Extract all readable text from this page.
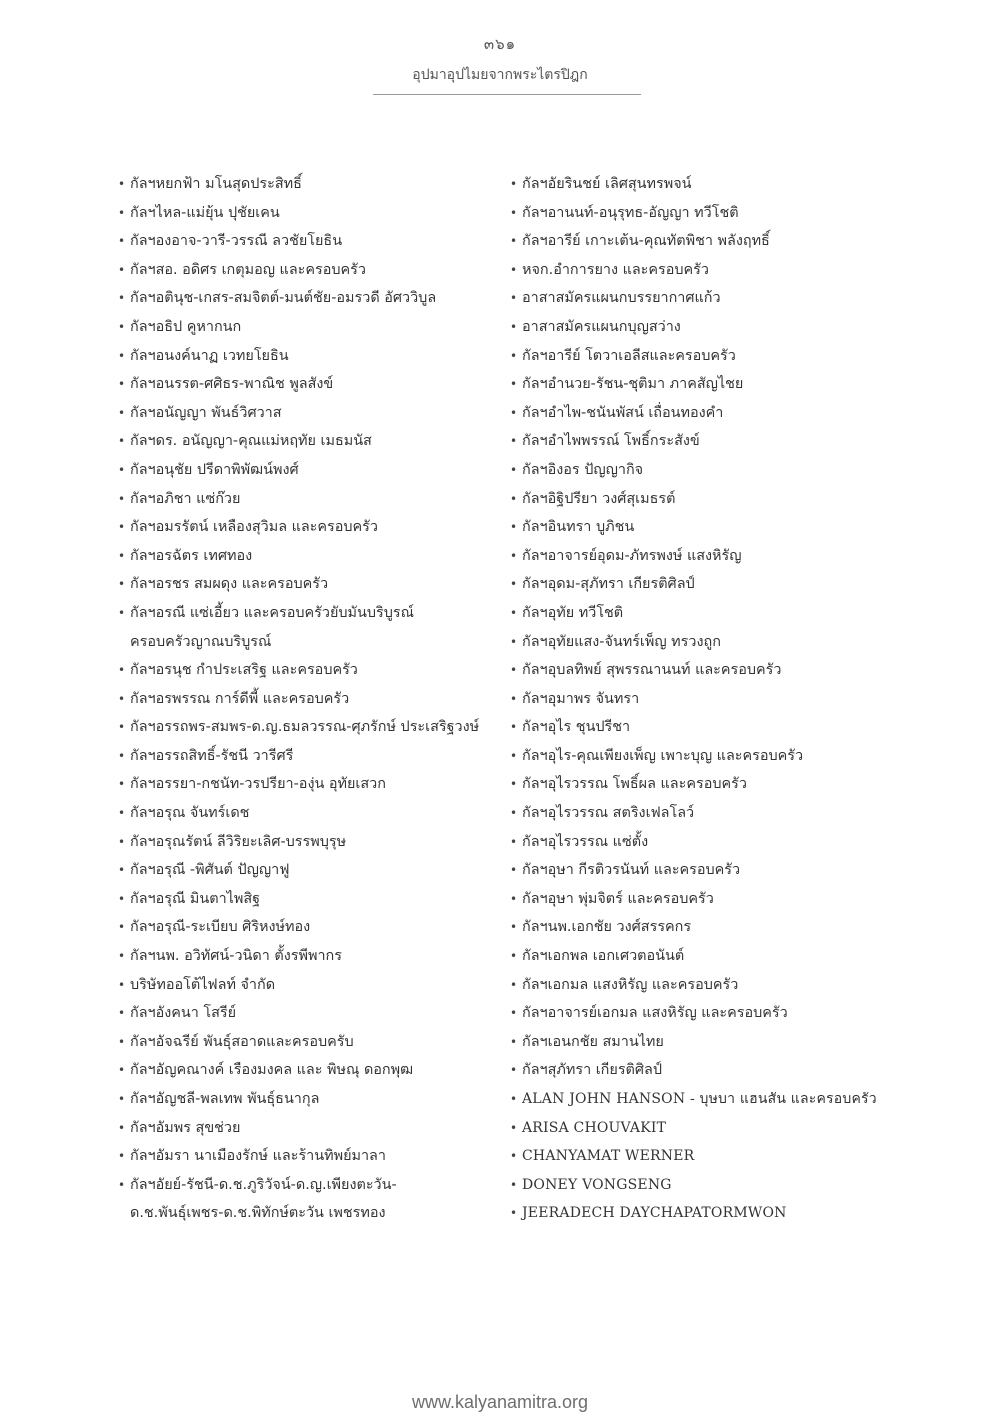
๓๖๑
อุปมาอุปไมยจากพระไตรปิฎก
• กัลฯหยกฟ้า มโนสุดประสิทธิ์
• กัลฯไหล-แม่ยุ้น ปุชัยเคน
• กัลฯองอาจ-วารี-วรรณี ลวชัยโยธิน
• กัลฯสอ. อดิศร เกตุมอญ และครอบครัว
• กัลฯอตินุช-เกสร-สมจิตต์-มนต์ชัย-อมรวดี อัศววิบูล
• กัลฯอธิป คูหากนก
• กัลฯอนงค์นาฏ เวทยโยธิน
• กัลฯอนรรต-ศศิธร-พาณิช พูลสังข์
• กัลฯอนัญญา พันธ์วิศวาส
• กัลฯดร. อนัญญา-คุณแม่หฤทัย เมธมนัส
• กัลฯอนุชัย ปรีดาพิพัฒน์พงศ์
• กัลฯอภิชา แซ่ก๊วย
• กัลฯอมรรัตน์ เหลืองสุวิมล และครอบครัว
• กัลฯอรฉัตร เทศทอง
• กัลฯอรชร สมผดุง และครอบครัว
• กัลฯอรณี แซ่เอี้ยว และครอบครัวยับมันบริบูรณ์
ครอบครัวญาณบริบูรณ์
• กัลฯอรนุช กำประเสริฐ และครอบครัว
• กัลฯอรพรรณ การ์ดีพี้ และครอบครัว
• กัลฯอรรถพร-สมพร-ด.ญ.ธมลวรรณ-ศุภรักษ์ ประเสริฐวงษ์
• กัลฯอรรถสิทธิ์-รัชนี วารีศรี
• กัลฯอรรยา-กชนัท-วรปรียา-องุ่น อุทัยเสวก
• กัลฯอรุณ จันทร์เดช
• กัลฯอรุณรัตน์ ลีวิริยะเลิศ-บรรพบุรุษ
• กัลฯอรุณี -พิศันต์ ปัญญาฟู
• กัลฯอรุณี มินตาไพสิฐ
• กัลฯอรุณี-ระเบียบ ศิริหงษ์ทอง
• กัลฯนพ. อวิทัศน์-วนิดา ตั้งรพีพากร
• บริษัทออโต้ไฟลท์ จำกัด
• กัลฯอังคนา โสรีย์
• กัลฯอัจฉรีย์ พันธุ์สอาดและครอบครับ
• กัลฯอัญคณางค์ เรืองมงคล และ พิษณุ ดอกพุฒ
• กัลฯอัญชลี-พลเทพ พันธุ์ธนากุล
• กัลฯอัมพร สุขช่วย
• กัลฯอัมรา นาเมืองรักษ์ และร้านทิพย์มาลา
• กัลฯอัยย์-รัชนี-ด.ช.ภูริวัจน์-ด.ญ.เพียงตะวัน-
ด.ช.พันธุ์เพชร-ด.ช.พิทักษ์ตะวัน เพชรทอง
• กัลฯอัยรินชย์ เลิศสุนทรพจน์
• กัลฯอานนท์-อนุรุทธ-อัญญา ทวีโชติ
• กัลฯอารีย์ เกาะเต้น-คุณทัตพิชา พลังฤทธิ์
• หจก.อำการยาง และครอบครัว
• อาสาสมัครแผนกบรรยากาศแก้ว
• อาสาสมัครแผนกบุญสว่าง
• กัลฯอารีย์ โตวาเอลีสและครอบครัว
• กัลฯอำนวย-รัชน-ชุติมา ภาคสัญไชย
• กัลฯอำไพ-ชนันพัสน์ เถื่อนทองคำ
• กัลฯอำไพพรรณ์ โพธิ์กระสังข์
• กัลฯอิงอร ปัญญากิจ
• กัลฯอิฐิปรียา วงศ์สุเมธรต์
• กัลฯอินทรา บูภิชน
• กัลฯอาจารย์อุดม-ภัทรพงษ์ แสงหิรัญ
• กัลฯอุดม-สุภัทรา เกียรติศิลป์
• กัลฯอุทัย ทวีโชติ
• กัลฯอุทัยแสง-จันทร์เพ็ญ ทรวงถูก
• กัลฯอุบลทิพย์ สุพรรณานนท์ และครอบครัว
• กัลฯอุมาพร จันทรา
• กัลฯอุไร ชุนปรีชา
• กัลฯอุไร-คุณเพียงเพ็ญ เพาะบุญ และครอบครัว
• กัลฯอุไรวรรณ โพธิ์ผล และครอบครัว
• กัลฯอุไรวรรณ สตริงเฟลโลว์
• กัลฯอุไรวรรณ แซ่ตั้ง
• กัลฯอุษา กีรติวรนันท์ และครอบครัว
• กัลฯอุษา พุ่มจิตร์ และครอบครัว
• กัลฯนพ.เอกชัย วงศ์สรรคกร
• กัลฯเอกพล เอกเศวตอนันต์
• กัลฯเอกมล แสงหิรัญ และครอบครัว
• กัลฯอาจารย์เอกมล แสงหิรัญ และครอบครัว
• กัลฯเอนกชัย สมานไทย
• กัลฯสุภัทรา เกียรติศิลป์
• ALAN JOHN HANSON - บุษบา แฮนสัน และครอบครัว
• ARISA CHOUVAKIT
• CHANYAMAT WERNER
• DONEY VONGSENG
• JEERADECH DAYCHAPATORMWON
www.kalyanamitra.org
